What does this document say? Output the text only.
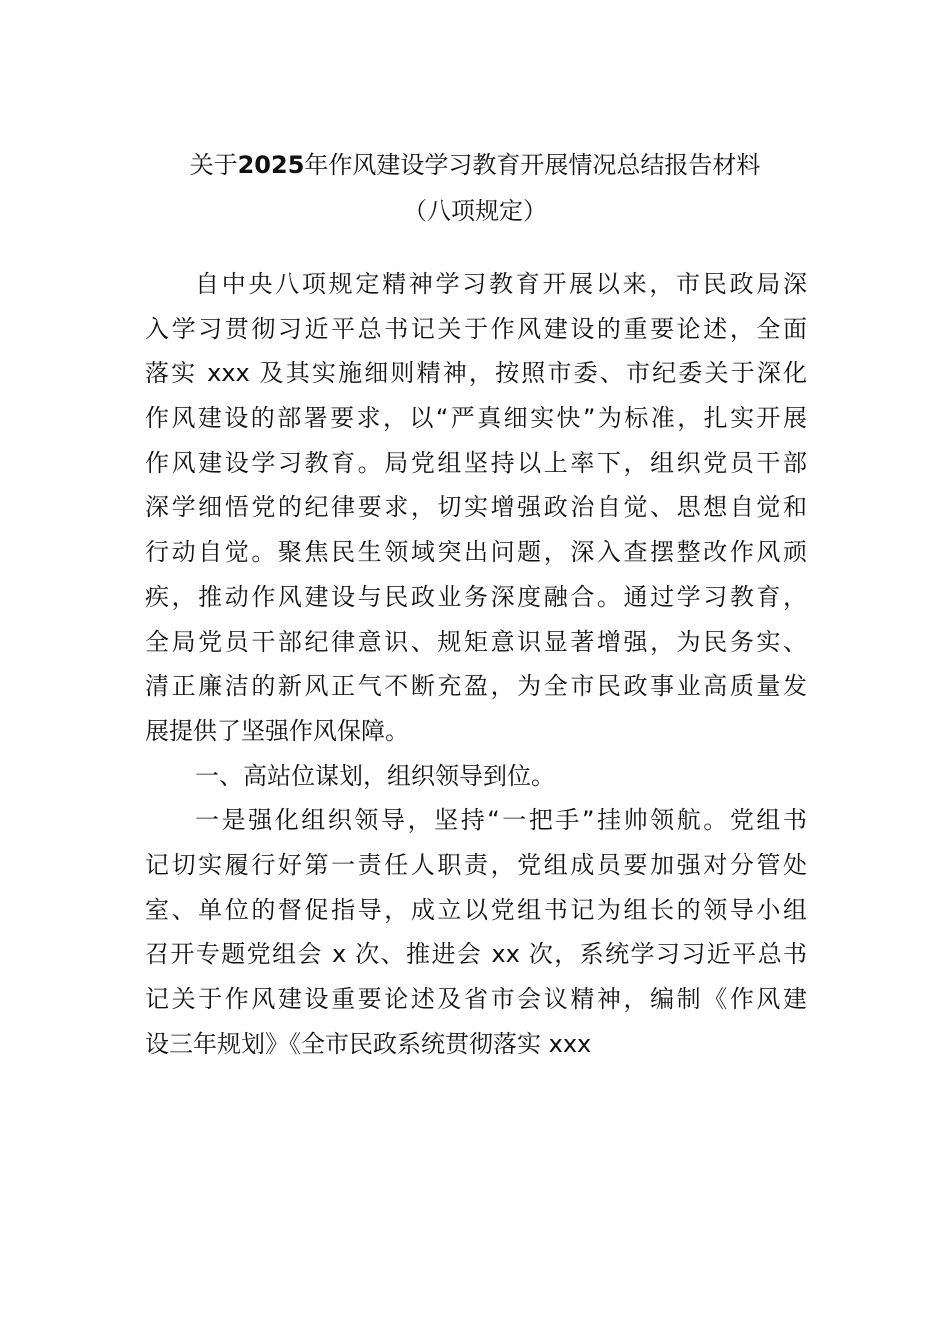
关于2025年作风建设学习教育开展情况总结报告材料
（八项规定）
自中央八项规定精神学习教育开展以来，市民政局深
入学习贯彻习近平总书记关于作风建设的重要论述，全面
落实 xxx 及其实施细则精神，按照市委、市纪委关于深化
作风建设的部署要求，以“严真细实快”为标准，扎实开展
作风建设学习教育。局党组坚持以上率下，组织党员干部
深学细悟党的纪律要求，切实增强政治自觉、思想自觉和
行动自觉。聚焦民生领域突出问题，深入查摆整改作风顽
疾，推动作风建设与民政业务深度融合。通过学习教育，
全局党员干部纪律意识、规矩意识显著增强，为民务实、
清正廉洁的新风正气不断充盈，为全市民政事业高质量发
展提供了坚强作风保障。
一、高站位谋划，组织领导到位。
一是强化组织领导，坚持“一把手”挂帅领航。党组书
记切实履行好第一责任人职责，党组成员要加强对分管处
室、单位的督促指导，成立以党组书记为组长的领导小组
召开专题党组会 x 次、推进会 xx 次，系统学习习近平总书
记关于作风建设重要论述及省市会议精神，编制《作风建
设三年规划》《全市民政系统贯彻落实 xxx
